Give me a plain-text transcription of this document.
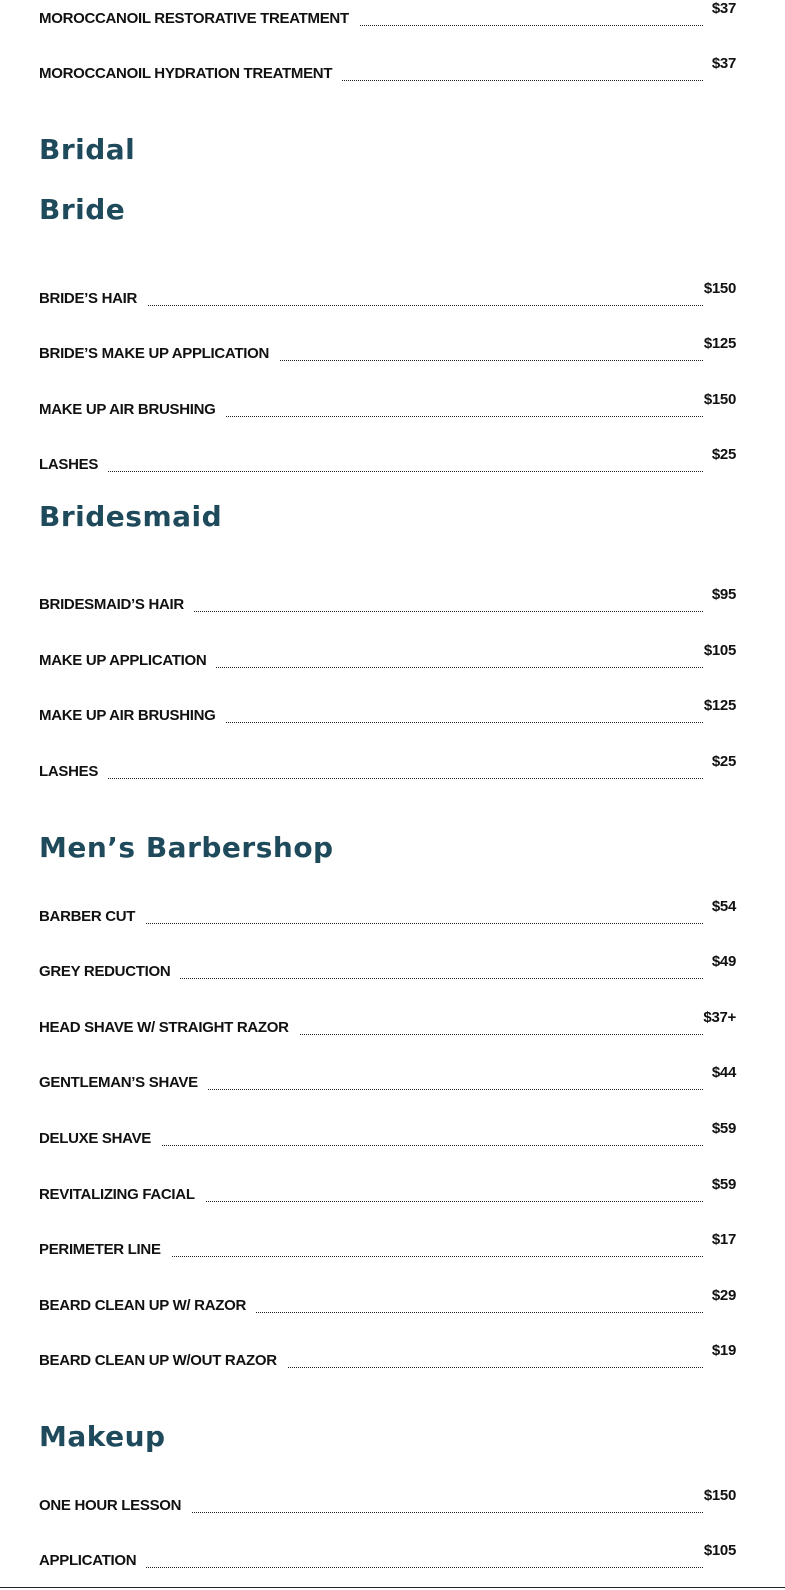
MOROCCANOIL RESTORATIVE TREATMENT
$37
MOROCCANOIL HYDRATION TREATMENT
$37
Bridal
Bride
BRIDE’S HAIR
$150
BRIDE’S MAKE UP APPLICATION
$125
MAKE UP AIR BRUSHING
$150
LASHES
$25
Bridesmaid
BRIDESMAID’S HAIR
$95
MAKE UP APPLICATION
$105
MAKE UP AIR BRUSHING
$125
LASHES
$25
Men’s Barbershop
BARBER CUT
$54
GREY REDUCTION
$49
HEAD SHAVE W/ STRAIGHT RAZOR
$37+
GENTLEMAN’S SHAVE
$44
DELUXE SHAVE
$59
REVITALIZING FACIAL
$59
PERIMETER LINE
$17
BEARD CLEAN UP W/ RAZOR
$29
BEARD CLEAN UP W/OUT RAZOR
$19
Makeup
ONE HOUR LESSON
$150
APPLICATION
$105
